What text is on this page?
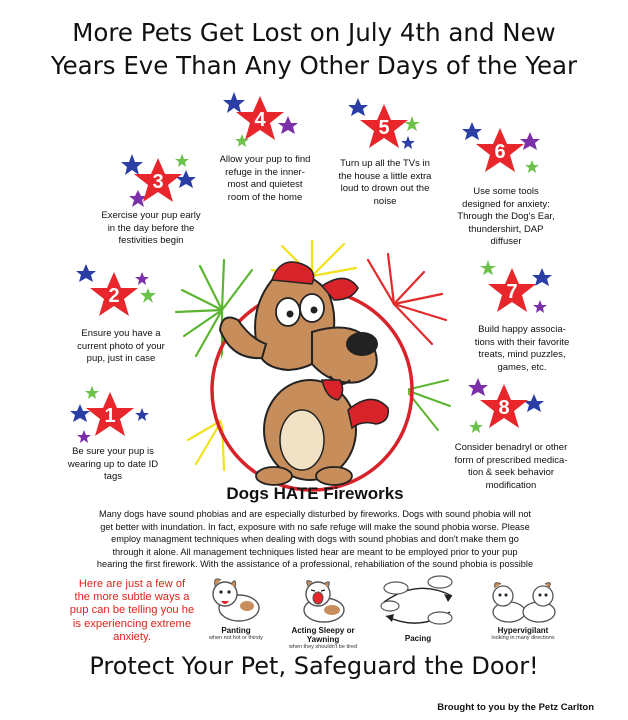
More Pets Get Lost on July 4th and New
Years Eve Than Any Other Days of the Year
3
Exercise your pup early
in the day before the
festivities begin
4
Allow your pup to find
refuge in the inner-
most and quietest
room of the home
5
Turn up all the TVs in
the house a little extra
loud to drown out the
noise
6
Use some tools
designed for anxiety:
Through the Dog's Ear,
thundershirt, DAP
diffuser
2
Ensure you have a
current photo of your
pup, just in case
7
Build happy associa-
tions with their favorite
treats, mind puzzles,
games, etc.
1
Be sure your pup is
wearing up to date ID
tags
8
Consider benadryl or other
form of prescribed medica-
tion & seek behavior
modification
Dogs HATE Fireworks
Many dogs have sound phobias and are especially disturbed by fireworks. Dogs with sound phobia will not
get better with inundation. In fact, exposure with no safe refuge will make the sound phobia worse. Please
employ managment techniques when dealing with dogs with sound phobias and don't make them go
through it alone. All management techniques listed hear are meant to be employed prior to your pup
hearing the first firework. With the assistance of a professional, rehabiliation of the sound phobia is possible
Here are just a few of
the more subtle ways a
pup can be telling you he
is experiencing extreme
anxiety.
Panting
when not hot or thirsty
Acting Sleepy or Yawning
when they shouldn't be tired
Pacing
Hypervigilant
looking in many directions
Protect Your Pet, Safeguard the Door!
Brought to you by the Petz Carlton
